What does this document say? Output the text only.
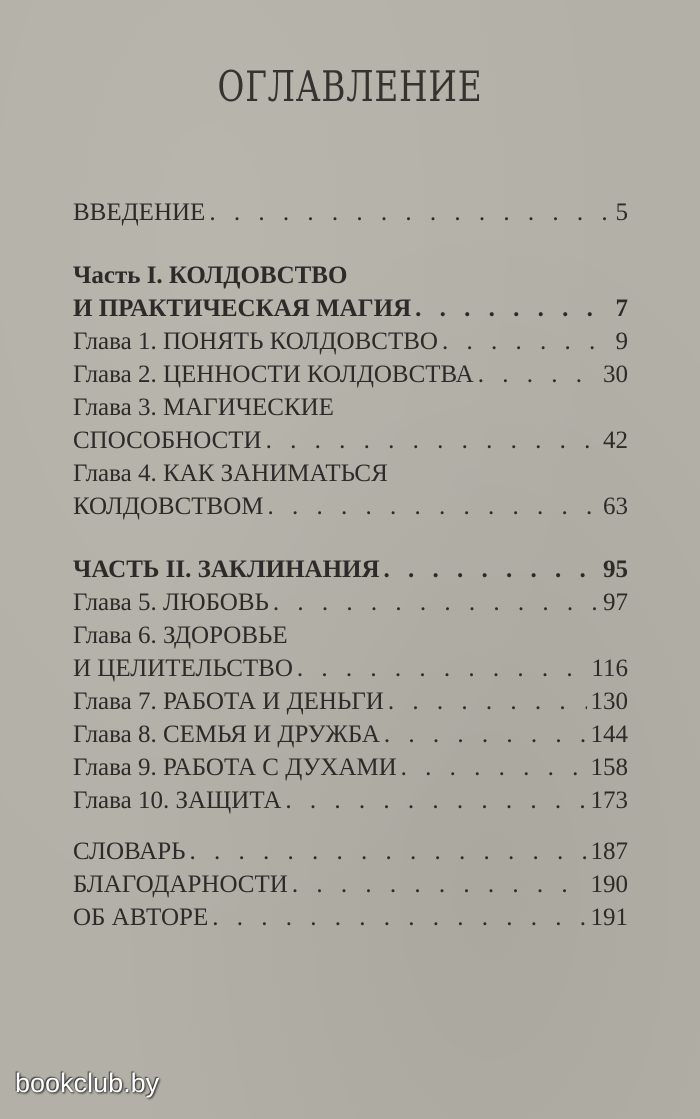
ОГЛАВЛЕНИЕ
ВВЕДЕНИЕ . . .	5
Часть I. КОЛДОВСТВО
И ПРАКТИЧЕСКАЯ МАГИЯ . . .	7
Глава 1. ПОНЯТЬ КОЛДОВСТВО . . .	9
Глава 2. ЦЕННОСТИ КОЛДОВСТВА . . .	30
Глава 3. МАГИЧЕСКИЕ
СПОСОБНОСТИ . . .	42
Глава 4. КАК ЗАНИМАТЬСЯ
КОЛДОВСТВОМ . . .	63
ЧАСТЬ II. ЗАКЛИНАНИЯ . . .	95
Глава 5. ЛЮБОВЬ . . .	97
Глава 6. ЗДОРОВЬЕ
И ЦЕЛИТЕЛЬСТВО . . .	116
Глава 7. РАБОТА И ДЕНЬГИ . . .	130
Глава 8. СЕМЬЯ И ДРУЖБА . . .	144
Глава 9. РАБОТА С ДУХАМИ . . .	158
Глава 10. ЗАЩИТА . . .	173
СЛОВАРЬ . . .	187
БЛАГОДАРНОСТИ . . .	190
ОБ АВТОРЕ . . .	191
bookclub.by
